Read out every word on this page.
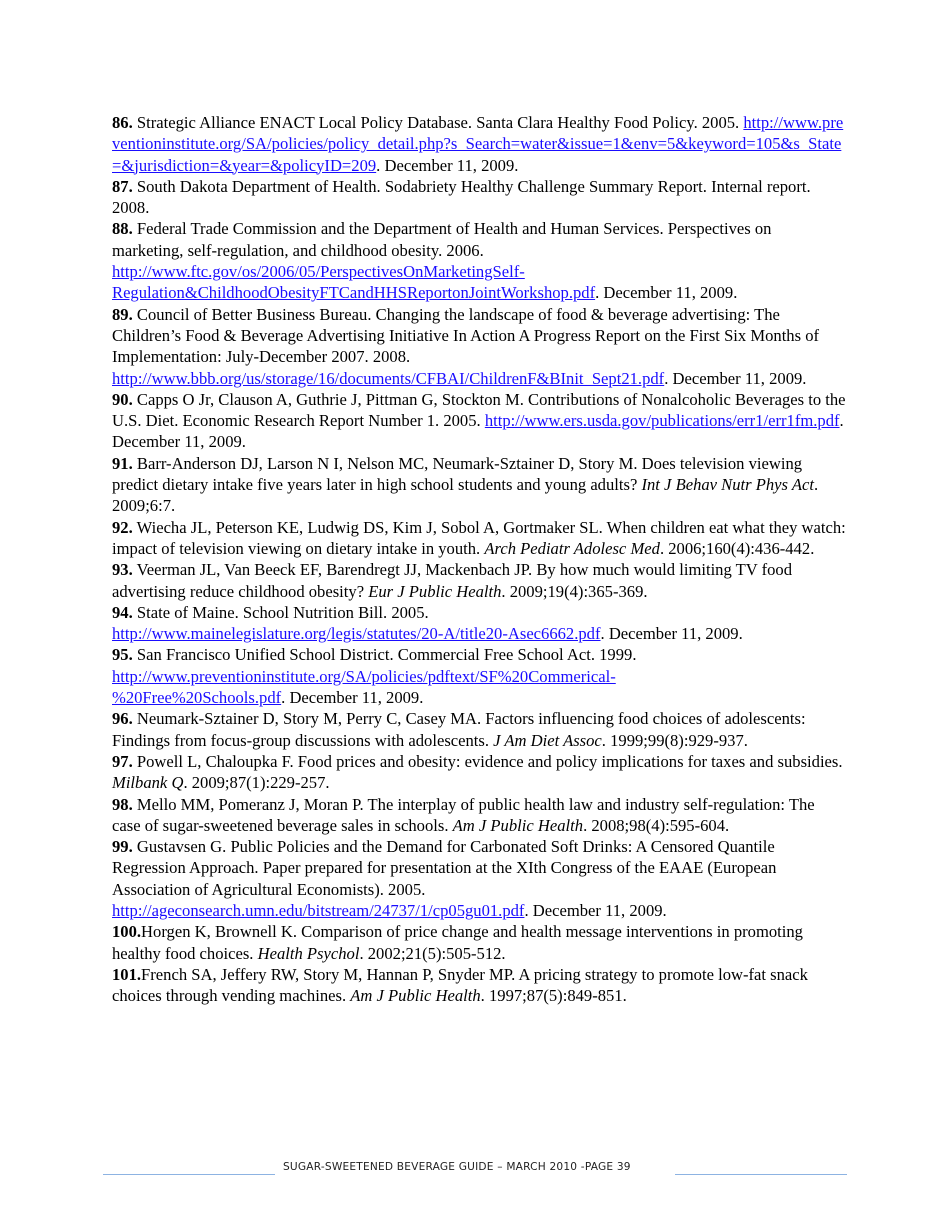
86. Strategic Alliance ENACT Local Policy Database. Santa Clara Healthy Food Policy. 2005. http://www.preventioninstitute.org/SA/policies/policy_detail.php?s_Search=water&issue=1&env=5&keyword=105&s_State=&jurisdiction=&year=&policyID=209. December 11, 2009.

87. South Dakota Department of Health. Sodabriety Healthy Challenge Summary Report. Internal report. 2008.

88. Federal Trade Commission and the Department of Health and Human Services. Perspectives on marketing, self-regulation, and childhood obesity. 2006. http://www.ftc.gov/os/2006/05/PerspectivesOnMarketingSelf-
Regulation&ChildhoodObesityFTCandHHSReportonJointWorkshop.pdf. December 11, 2009.

89. Council of Better Business Bureau. Changing the landscape of food & beverage advertising: The Children’s Food & Beverage Advertising Initiative In Action A Progress Report on the First Six Months of Implementation: July-December 2007. 2008.
http://www.bbb.org/us/storage/16/documents/CFBAI/ChildrenF&BInit_Sept21.pdf. December 11, 2009.

90. Capps O Jr, Clauson A, Guthrie J, Pittman G, Stockton M. Contributions of Nonalcoholic Beverages to the U.S. Diet. Economic Research Report Number 1. 2005. http://www.ers.usda.gov/publications/err1/err1fm.pdf. December 11, 2009.

91. Barr-Anderson DJ, Larson N I, Nelson MC, Neumark-Sztainer D, Story M. Does television viewing predict dietary intake five years later in high school students and young adults? Int J Behav Nutr Phys Act. 2009;6:7.

92. Wiecha JL, Peterson KE, Ludwig DS, Kim J, Sobol A, Gortmaker SL. When children eat what they watch: impact of television viewing on dietary intake in youth. Arch Pediatr Adolesc Med. 2006;160(4):436-442.

93. Veerman JL, Van Beeck EF, Barendregt JJ, Mackenbach JP. By how much would limiting TV food advertising reduce childhood obesity? Eur J Public Health. 2009;19(4):365-369.

94. State of Maine. School Nutrition Bill. 2005.
http://www.mainelegislature.org/legis/statutes/20-A/title20-Asec6662.pdf. December 11, 2009.

95. San Francisco Unified School District. Commercial Free School Act. 1999.
http://www.preventioninstitute.org/SA/policies/pdftext/SF%20Commerical-
%20Free%20Schools.pdf. December 11, 2009.

96. Neumark-Sztainer D, Story M, Perry C, Casey MA. Factors influencing food choices of adolescents: Findings from focus-group discussions with adolescents. J Am Diet Assoc. 1999;99(8):929-937.

97. Powell L, Chaloupka F. Food prices and obesity: evidence and policy implications for taxes and subsidies. Milbank Q. 2009;87(1):229-257.

98. Mello MM, Pomeranz J, Moran P. The interplay of public health law and industry self-regulation: The case of sugar-sweetened beverage sales in schools. Am J Public Health. 2008;98(4):595-604.

99. Gustavsen G. Public Policies and the Demand for Carbonated Soft Drinks: A Censored Quantile Regression Approach. Paper prepared for presentation at the XIth Congress of the EAAE (European Association of Agricultural Economists). 2005.
http://ageconsearch.umn.edu/bitstream/24737/1/cp05gu01.pdf. December 11, 2009.

100.Horgen K, Brownell K. Comparison of price change and health message interventions in promoting healthy food choices. Health Psychol. 2002;21(5):505-512.

101.French SA, Jeffery RW, Story M, Hannan P, Snyder MP. A pricing strategy to promote low-fat snack choices through vending machines. Am J Public Health. 1997;87(5):849-851.

SUGAR-SWEETENED BEVERAGE GUIDE – MARCH 2010 -PAGE 39
